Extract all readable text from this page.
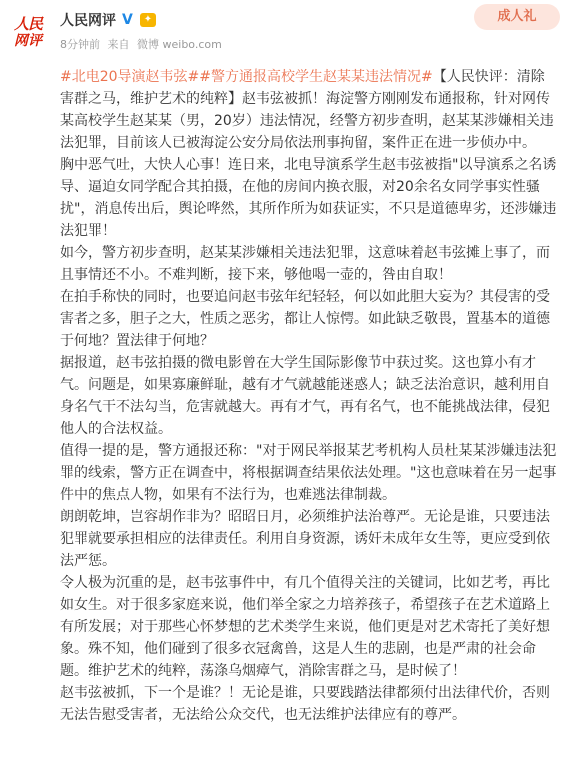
人民
网评
人民网评 V	✦
8分钟前 来自 微博 weibo.com
成人礼
#北电20导演赵韦弦##警方通报高校学生赵某某违法情况#【人民快评：清除害群之马，维护艺术的纯粹】赵韦弦被抓！海淀警方刚刚发布通报称，针对网传某高校学生赵某某（男，20岁）违法情况，经警方初步查明，赵某某涉嫌相关违法犯罪，目前该人已被海淀公安分局依法刑事拘留，案件正在进一步侦办中。
胸中恶气吐，大快人心事！连日来，北电导演系学生赵韦弦被指"以导演系之名诱导、逼迫女同学配合其拍摄，在他的房间内换衣服，对20余名女同学事实性骚扰"，消息传出后，舆论哗然，其所作所为如获证实，不只是道德卑劣，还涉嫌违法犯罪！
如今，警方初步查明，赵某某涉嫌相关违法犯罪，这意味着赵韦弦摊上事了，而且事情还不小。不难判断，接下来，够他喝一壶的，咎由自取！
在拍手称快的同时，也要追问赵韦弦年纪轻轻，何以如此胆大妄为？其侵害的受害者之多，胆子之大，性质之恶劣，都让人惊愕。如此缺乏敬畏，置基本的道德于何地？置法律于何地？
据报道，赵韦弦拍摄的微电影曾在大学生国际影像节中获过奖。这也算小有才气。问题是，如果寡廉鲜耻，越有才气就越能迷惑人；缺乏法治意识，越利用自身名气干不法勾当，危害就越大。再有才气，再有名气，也不能挑战法律，侵犯他人的合法权益。
值得一提的是，警方通报还称："对于网民举报某艺考机构人员杜某某涉嫌违法犯罪的线索，警方正在调查中，将根据调查结果依法处理。"这也意味着在另一起事件中的焦点人物，如果有不法行为，也难逃法律制裁。
朗朗乾坤，岂容胡作非为？昭昭日月，必须维护法治尊严。无论是谁，只要违法犯罪就要承担相应的法律责任。利用自身资源，诱奸未成年女生等，更应受到依法严惩。
令人极为沉重的是，赵韦弦事件中，有几个值得关注的关键词，比如艺考，再比如女生。对于很多家庭来说，他们举全家之力培养孩子，希望孩子在艺术道路上有所发展；对于那些心怀梦想的艺术类学生来说，他们更是对艺术寄托了美好想象。殊不知，他们碰到了很多衣冠禽兽，这是人生的悲剧，也是严肃的社会命题。维护艺术的纯粹，荡涤乌烟瘴气，消除害群之马，是时候了！
赵韦弦被抓，下一个是谁？！无论是谁，只要践踏法律都须付出法律代价，否则无法告慰受害者，无法给公众交代，也无法维护法律应有的尊严。
